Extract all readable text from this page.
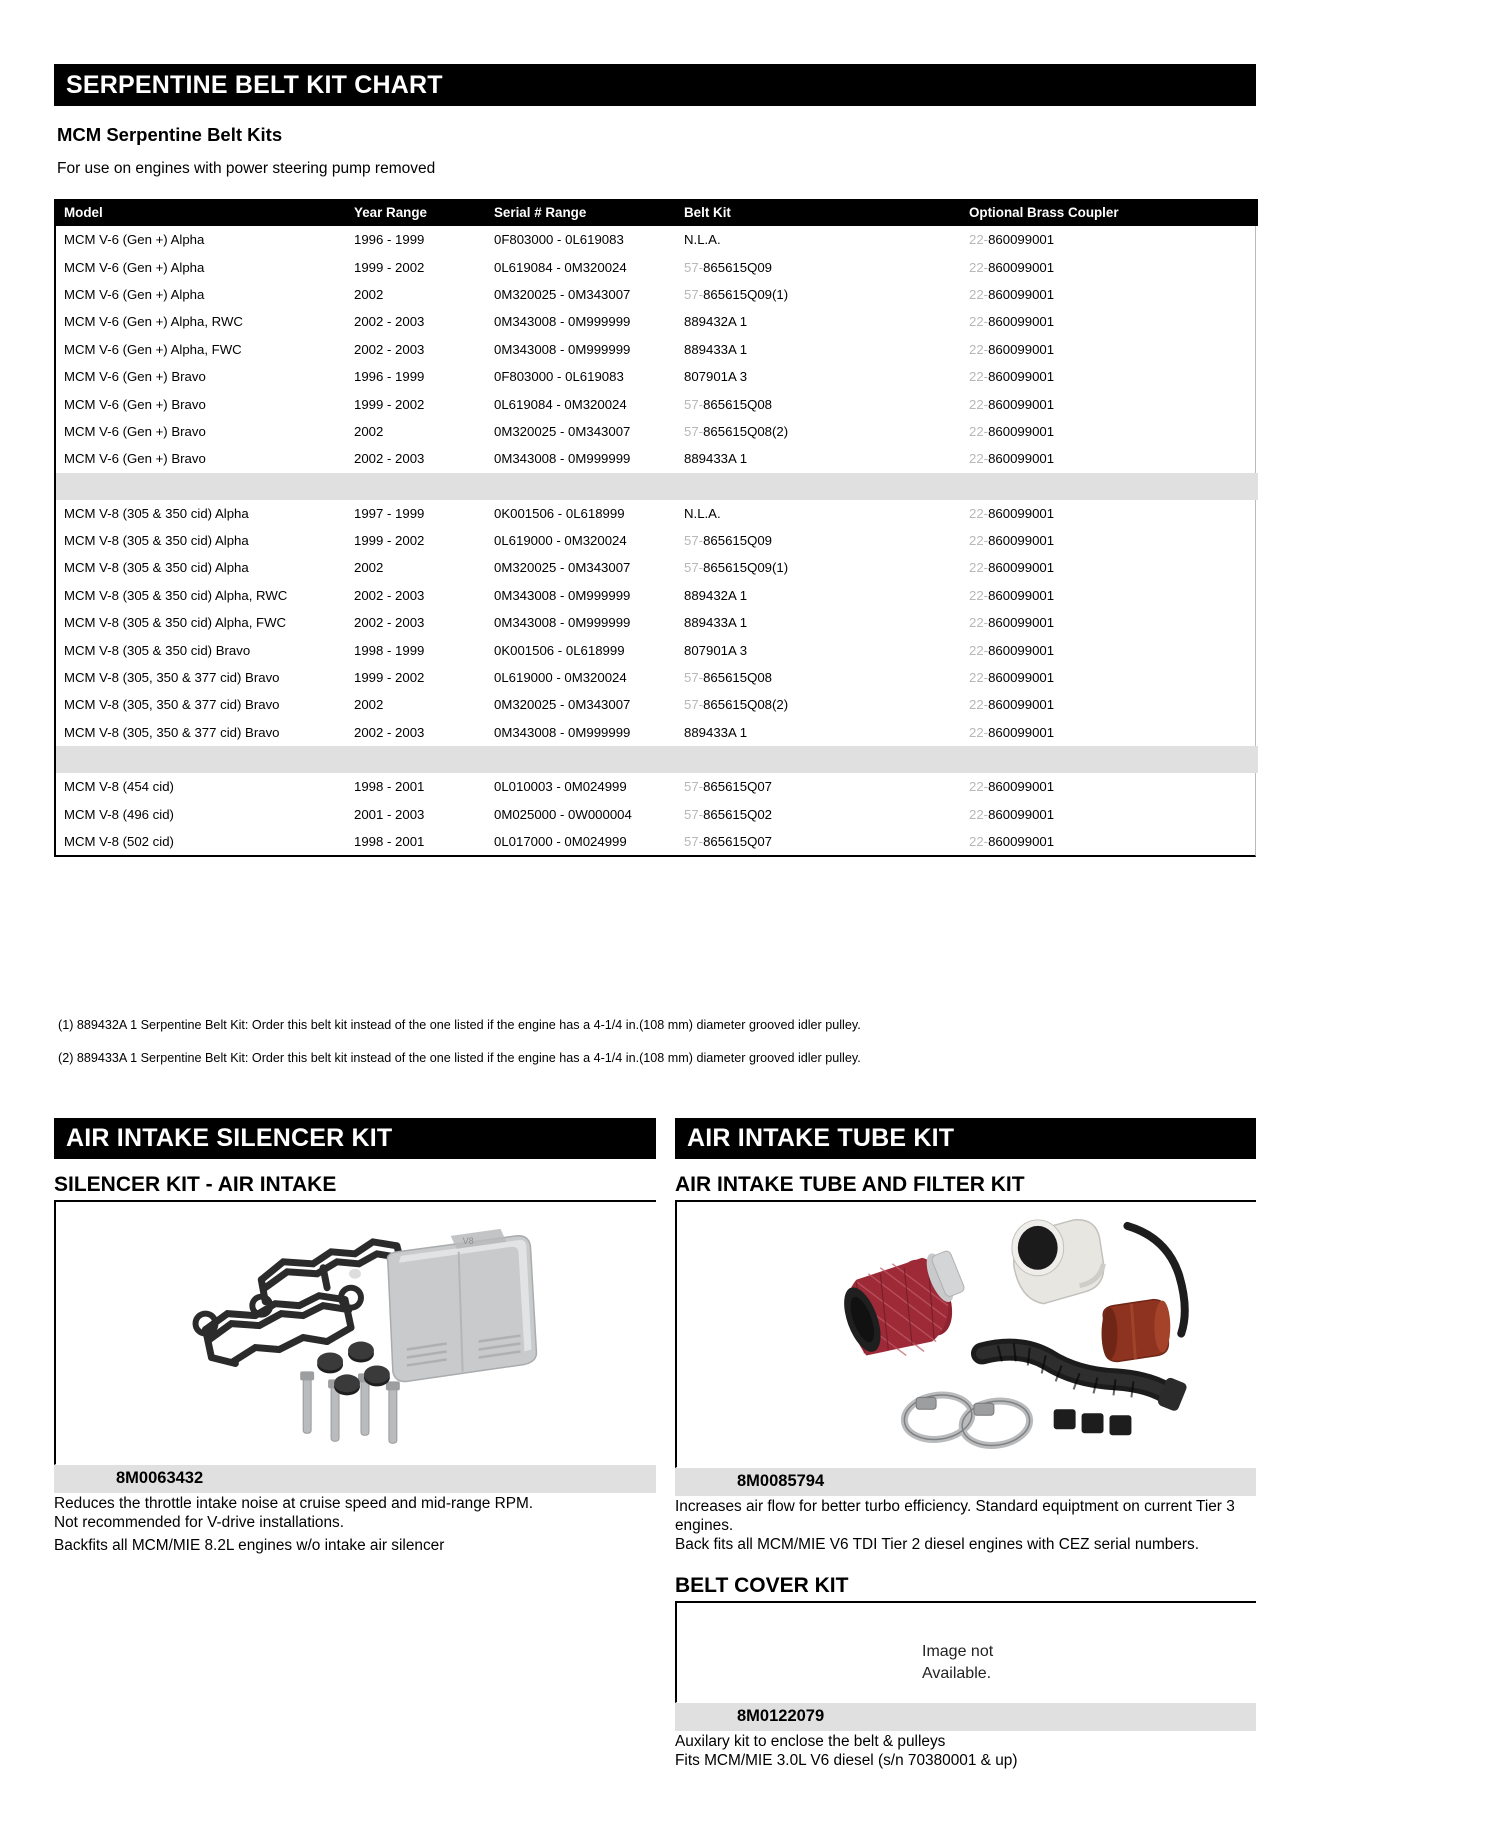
SERPENTINE BELT KIT CHART
MCM Serpentine Belt Kits
For use on engines with power steering pump removed
Model	Year Range	Serial # Range	Belt Kit	Optional Brass Coupler
MCM V-6 (Gen +) Alpha	1996 - 1999	0F803000 - 0L619083	N.L.A.	22-860099001
MCM V-6 (Gen +) Alpha	1999 - 2002	0L619084 - 0M320024	57-865615Q09	22-860099001
MCM V-6 (Gen +) Alpha	2002	0M320025 - 0M343007	57-865615Q09(1)	22-860099001
MCM V-6 (Gen +) Alpha, RWC	2002 - 2003	0M343008 - 0M999999	889432A 1	22-860099001
MCM V-6 (Gen +) Alpha, FWC	2002 - 2003	0M343008 - 0M999999	889433A 1	22-860099001
MCM V-6 (Gen +) Bravo	1996 - 1999	0F803000 - 0L619083	807901A 3	22-860099001
MCM V-6 (Gen +) Bravo	1999 - 2002	0L619084 - 0M320024	57-865615Q08	22-860099001
MCM V-6 (Gen +) Bravo	2002	0M320025 - 0M343007	57-865615Q08(2)	22-860099001
MCM V-6 (Gen +) Bravo	2002 - 2003	0M343008 - 0M999999	889433A 1	22-860099001

MCM V-8 (305 & 350 cid) Alpha	1997 - 1999	0K001506 - 0L618999	N.L.A.	22-860099001
MCM V-8 (305 & 350 cid) Alpha	1999 - 2002	0L619000 - 0M320024	57-865615Q09	22-860099001
MCM V-8 (305 & 350 cid) Alpha	2002	0M320025 - 0M343007	57-865615Q09(1)	22-860099001
MCM V-8 (305 & 350 cid) Alpha, RWC	2002 - 2003	0M343008 - 0M999999	889432A 1	22-860099001
MCM V-8 (305 & 350 cid) Alpha, FWC	2002 - 2003	0M343008 - 0M999999	889433A 1	22-860099001
MCM V-8 (305 & 350 cid) Bravo	1998 - 1999	0K001506 - 0L618999	807901A 3	22-860099001
MCM V-8 (305, 350 & 377 cid) Bravo	1999 - 2002	0L619000 - 0M320024	57-865615Q08	22-860099001
MCM V-8 (305, 350 & 377 cid) Bravo	2002	0M320025 - 0M343007	57-865615Q08(2)	22-860099001
MCM V-8 (305, 350 & 377 cid) Bravo	2002 - 2003	0M343008 - 0M999999	889433A 1	22-860099001

MCM V-8 (454 cid)	1998 - 2001	0L010003 - 0M024999	57-865615Q07	22-860099001
MCM V-8 (496 cid)	2001 - 2003	0M025000 - 0W000004	57-865615Q02	22-860099001
MCM V-8 (502 cid)	1998 - 2001	0L017000 - 0M024999	57-865615Q07	22-860099001
(1) 889432A 1 Serpentine Belt Kit: Order this belt kit instead of the one listed if the engine has a 4-1/4 in.(108 mm) diameter grooved idler pulley.
(2) 889433A 1 Serpentine Belt Kit: Order this belt kit instead of the one listed if the engine has a 4-1/4 in.(108 mm) diameter grooved idler pulley.
AIR INTAKE SILENCER KIT
SILENCER KIT - AIR INTAKE
V8
8M0063432

Reduces the throttle intake noise at cruise speed and mid-range RPM.

Not recommended for V-drive installations.

Backfits all MCM/MIE 8.2L engines w/o intake air silencer

AIR INTAKE TUBE KIT
AIR INTAKE TUBE AND FILTER KIT
8M0085794

Increases air flow for better turbo efficiency. Standard equiptment on current Tier 3

engines.

Back fits all MCM/MIE V6 TDI Tier 2 diesel engines with CEZ serial numbers.

BELT COVER KIT
Image not
Available.
8M0122079

Auxilary kit to enclose the belt & pulleys

Fits MCM/MIE 3.0L V6 diesel (s/n 70380001 & up)
